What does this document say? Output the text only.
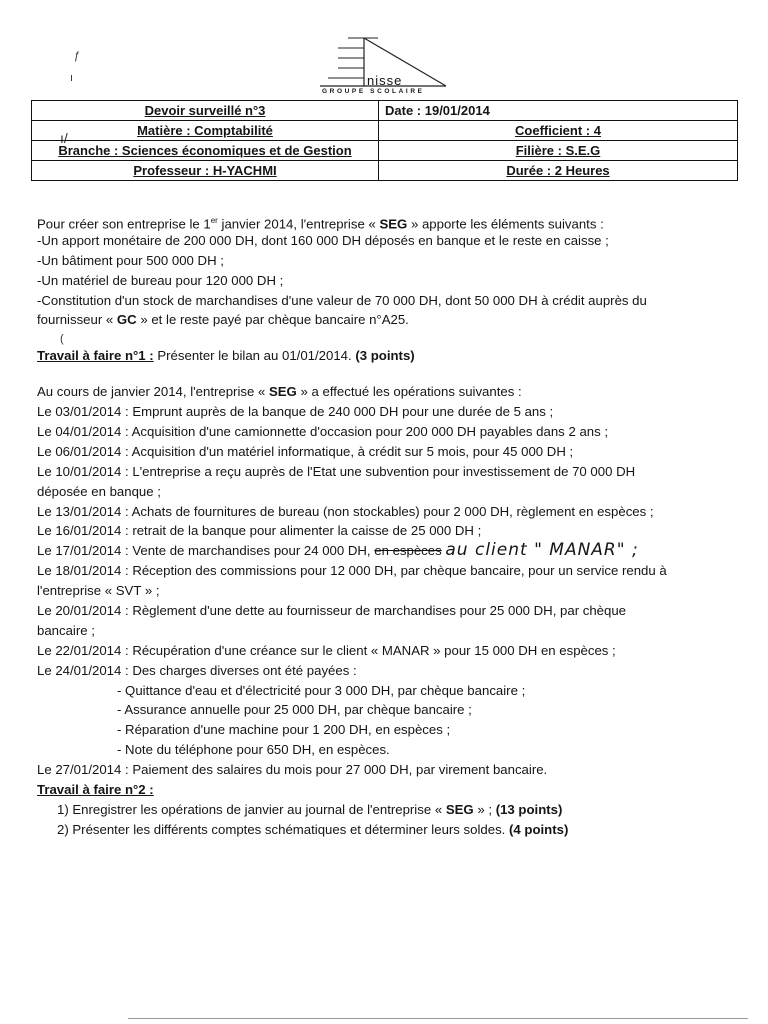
nisse
GROUPE SCOLAIRE
ƒ
ı
ı/
(
Devoir surveillé n°3	Date : 19/01/2014
Matière : Comptabilité	Coefficient : 4
Branche : Sciences économiques et de Gestion	Filière : S.E.G
Professeur : H-YACHMI	Durée : 2 Heures
Pour créer son entreprise le 1er janvier 2014, l'entreprise « SEG » apporte les éléments suivants :
-Un apport monétaire de 200 000 DH, dont 160 000 DH déposés en banque et le reste en caisse ;
-Un bâtiment pour 500 000 DH ;
-Un matériel de bureau pour 120 000 DH ;
-Constitution d'un stock de marchandises d'une valeur de 70 000 DH, dont 50 000 DH à crédit auprès du
fournisseur « GC » et le reste payé par chèque bancaire n°A25.
Travail à faire n°1 : Présenter le bilan au 01/01/2014. (3 points)
Au cours de janvier 2014, l'entreprise « SEG » a effectué les opérations suivantes :
Le 03/01/2014 : Emprunt auprès de la banque de 240 000 DH pour une durée de 5 ans ;
Le 04/01/2014 : Acquisition d'une camionnette d'occasion pour 200 000 DH payables dans 2 ans ;
Le 06/01/2014 : Acquisition d'un matériel informatique, à crédit sur 5 mois, pour 45 000 DH ;
Le 10/01/2014 : L'entreprise a reçu auprès de l'Etat une subvention pour investissement de 70 000 DH
déposée en banque ;
Le 13/01/2014 : Achats de fournitures de bureau (non stockables) pour 2 000 DH, règlement en espèces ;
Le 16/01/2014 : retrait de la banque pour alimenter la caisse de 25 000 DH ;
Le 17/01/2014 : Vente de marchandises pour 24 000 DH, en espèces au client " MANAR" ;
Le 18/01/2014 : Réception des commissions pour 12 000 DH, par chèque bancaire, pour un service rendu à
l'entreprise « SVT » ;
Le 20/01/2014 : Règlement d'une dette au fournisseur de marchandises pour 25 000 DH, par chèque
bancaire ;
Le 22/01/2014 : Récupération d'une créance sur le client « MANAR » pour 15 000 DH en espèces ;
Le 24/01/2014 : Des charges diverses ont été payées :
- Quittance d'eau et d'électricité pour 3 000 DH, par chèque bancaire ;
- Assurance annuelle pour 25 000 DH, par chèque bancaire ;
- Réparation d'une machine pour 1 200 DH, en espèces ;
- Note du téléphone pour 650 DH, en espèces.
Le 27/01/2014 : Paiement des salaires du mois pour 27 000 DH, par virement bancaire.
Travail à faire n°2 :
1) Enregistrer les opérations de janvier au journal de l'entreprise « SEG » ; (13 points)
2) Présenter les différents comptes schématiques et déterminer leurs soldes. (4 points)
